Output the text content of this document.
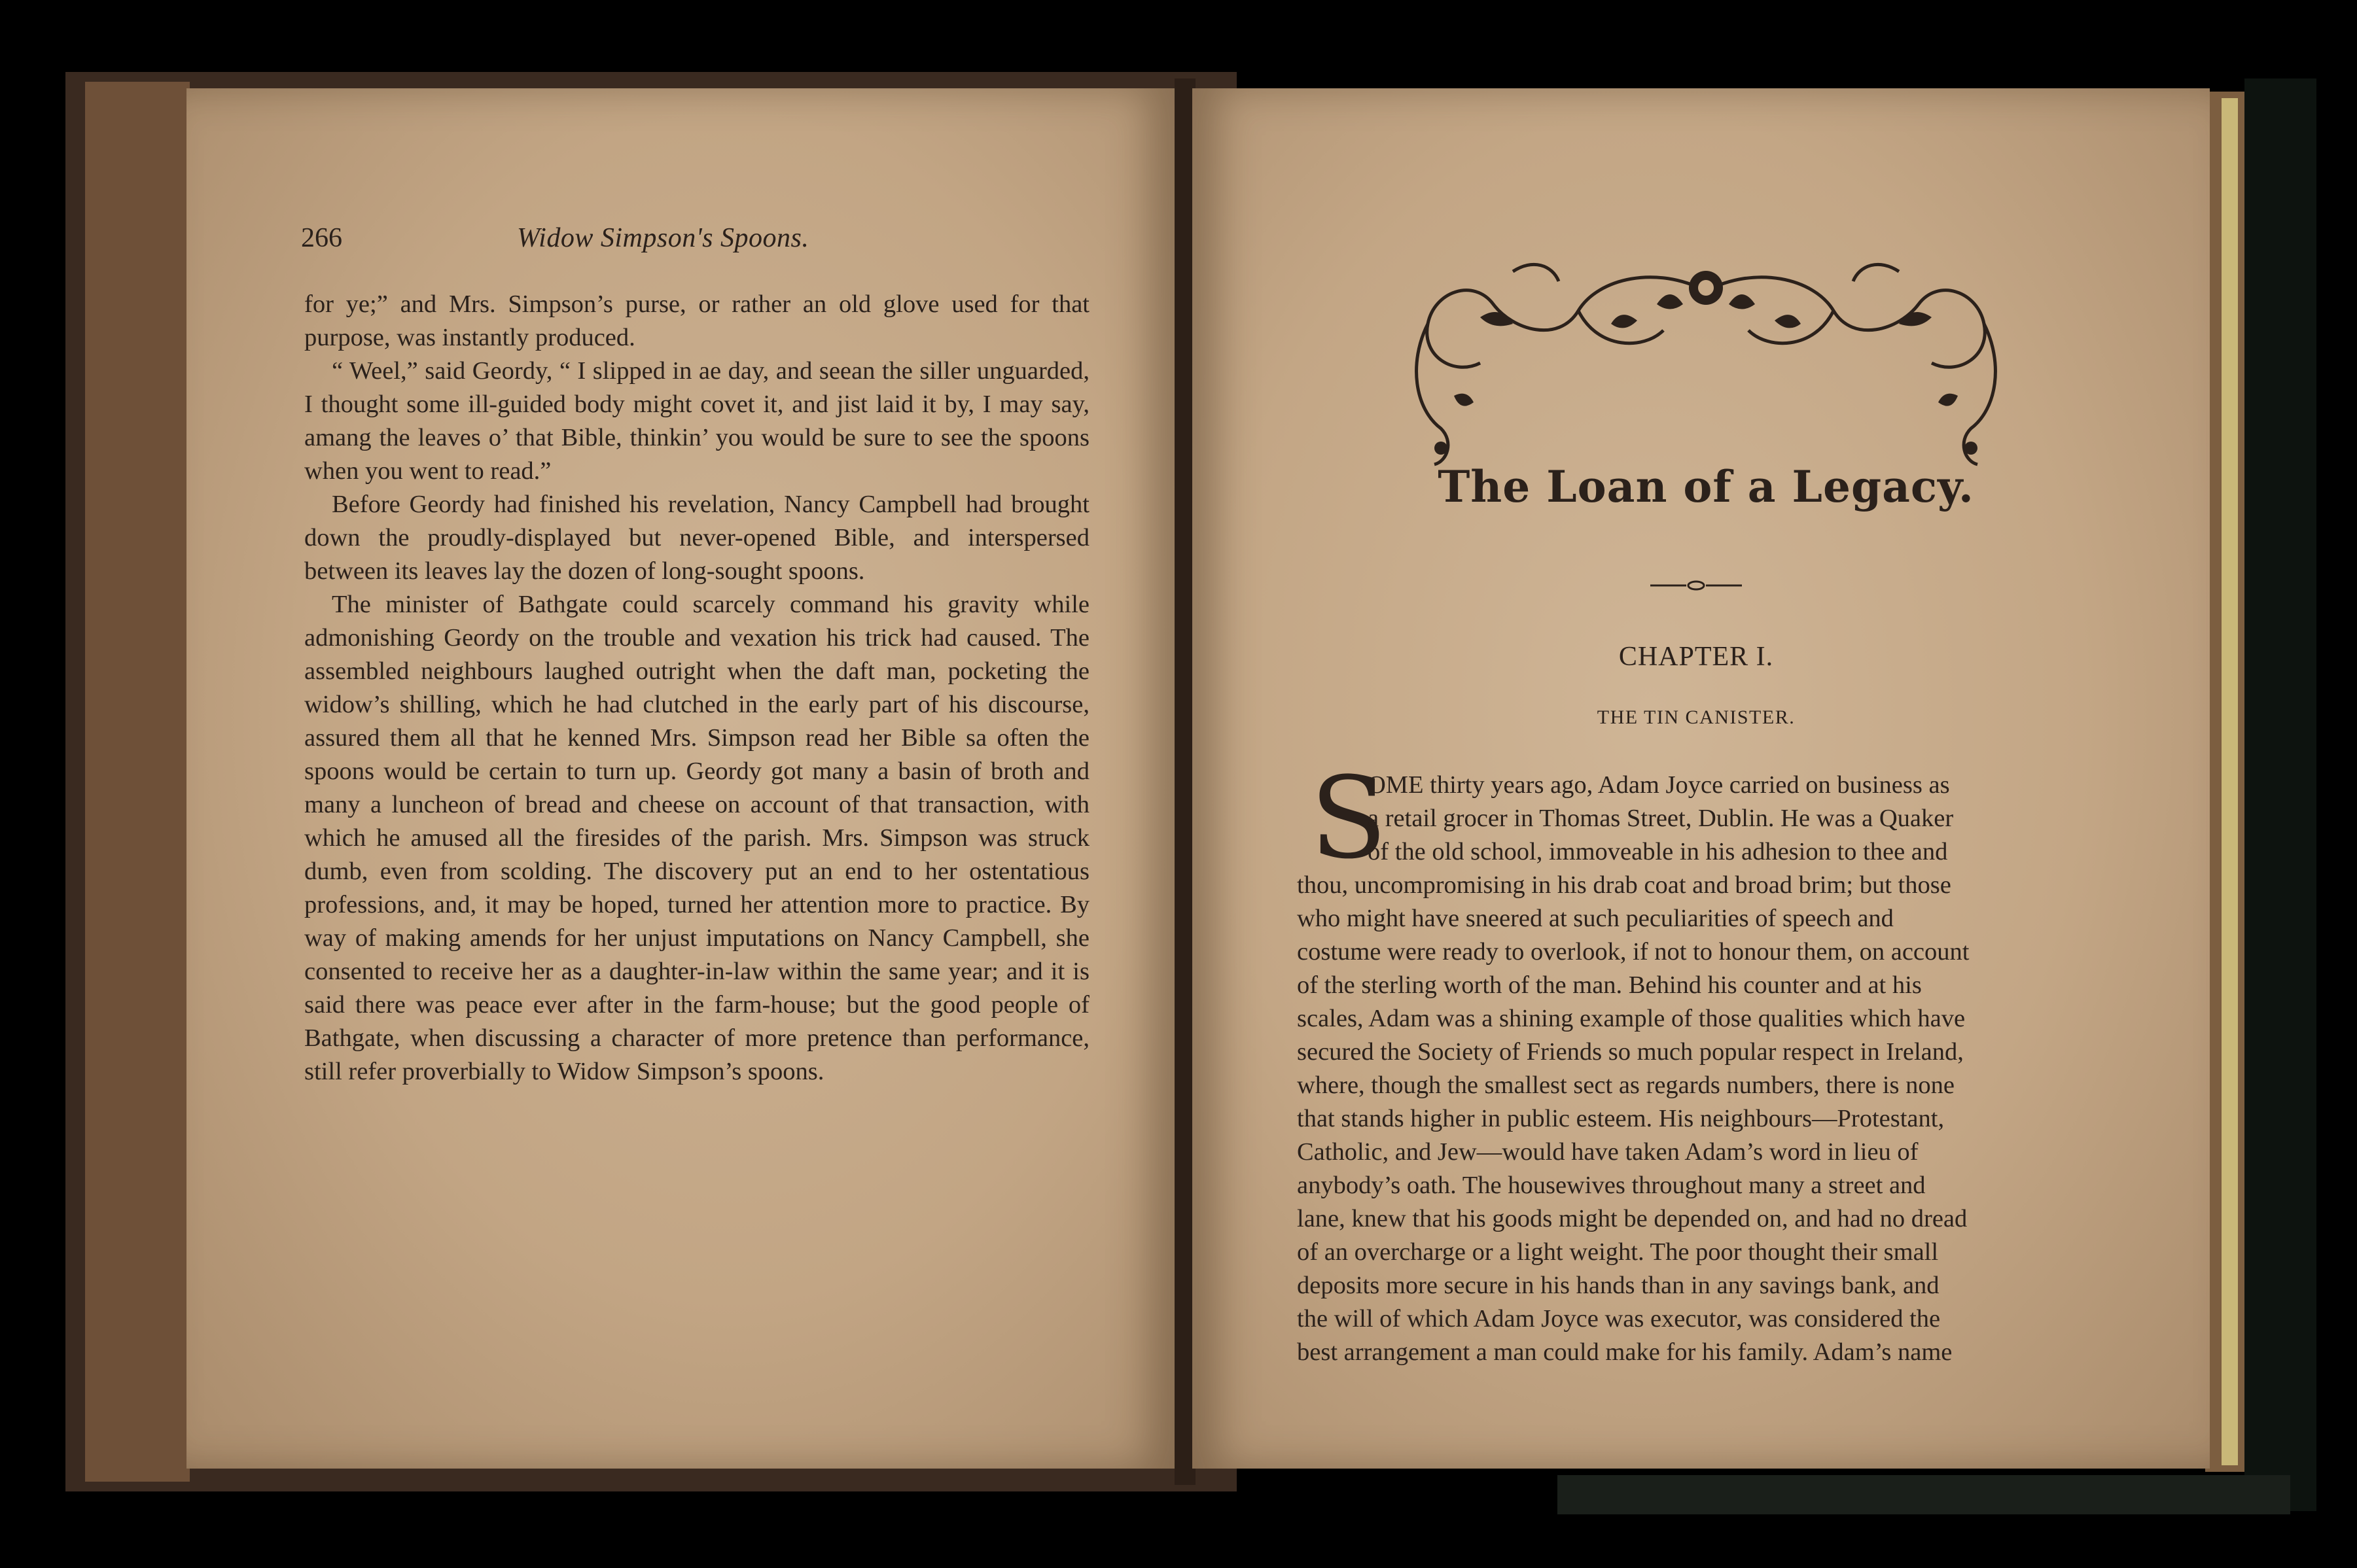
266	Widow Simpson's Spoons.

for ye;” and Mrs. Simpson’s purse, or rather an old glove used for that purpose, was instantly produced.

“ Weel,” said Geordy, “ I slipped in ae day, and seean the siller unguarded, I thought some ill-guided body might covet it, and jist laid it by, I may say, amang the leaves o’ that Bible, thinkin’ you would be sure to see the spoons when you went to read.”

Before Geordy had finished his revelation, Nancy Campbell had brought down the proudly-displayed but never-opened Bible, and interspersed between its leaves lay the dozen of long-sought spoons.

The minister of Bathgate could scarcely command his gravity while admonishing Geordy on the trouble and vexation his trick had caused. The assembled neighbours laughed outright when the daft man, pocketing the widow’s shilling, which he had clutched in the early part of his discourse, assured them all that he kenned Mrs. Simpson read her Bible sa often the spoons would be certain to turn up. Geordy got many a basin of broth and many a luncheon of bread and cheese on account of that transaction, with which he amused all the firesides of the parish. Mrs. Simpson was struck dumb, even from scolding. The discovery put an end to her ostentatious professions, and, it may be hoped, turned her attention more to practice. By way of making amends for her unjust imputations on Nancy Campbell, she consented to receive her as a daughter-in-law within the same year; and it is said there was peace ever after in the farm-house; but the good people of Bathgate, when discussing a character of more pretence than performance, still refer proverbially to Widow Simpson’s spoons.

The Loan of a Legacy.
CHAPTER I.
THE TIN CANISTER.
S
OME thirty years ago, Adam Joyce carried on business as
a retail grocer in Thomas Street, Dublin. He was a Quaker
of the old school, immoveable in his adhesion to thee and
thou, uncompromising in his drab coat and broad brim; but those
who might have sneered at such peculiarities of speech and
costume were ready to overlook, if not to honour them, on account
of the sterling worth of the man. Behind his counter and at his
scales, Adam was a shining example of those qualities which have
secured the Society of Friends so much popular respect in Ireland,
where, though the smallest sect as regards numbers, there is none
that stands higher in public esteem. His neighbours—Protestant,
Catholic, and Jew—would have taken Adam’s word in lieu of
anybody’s oath. The housewives throughout many a street and
lane, knew that his goods might be depended on, and had no dread
of an overcharge or a light weight. The poor thought their small
deposits more secure in his hands than in any savings bank, and
the will of which Adam Joyce was executor, was considered the
best arrangement a man could make for his family. Adam’s name
